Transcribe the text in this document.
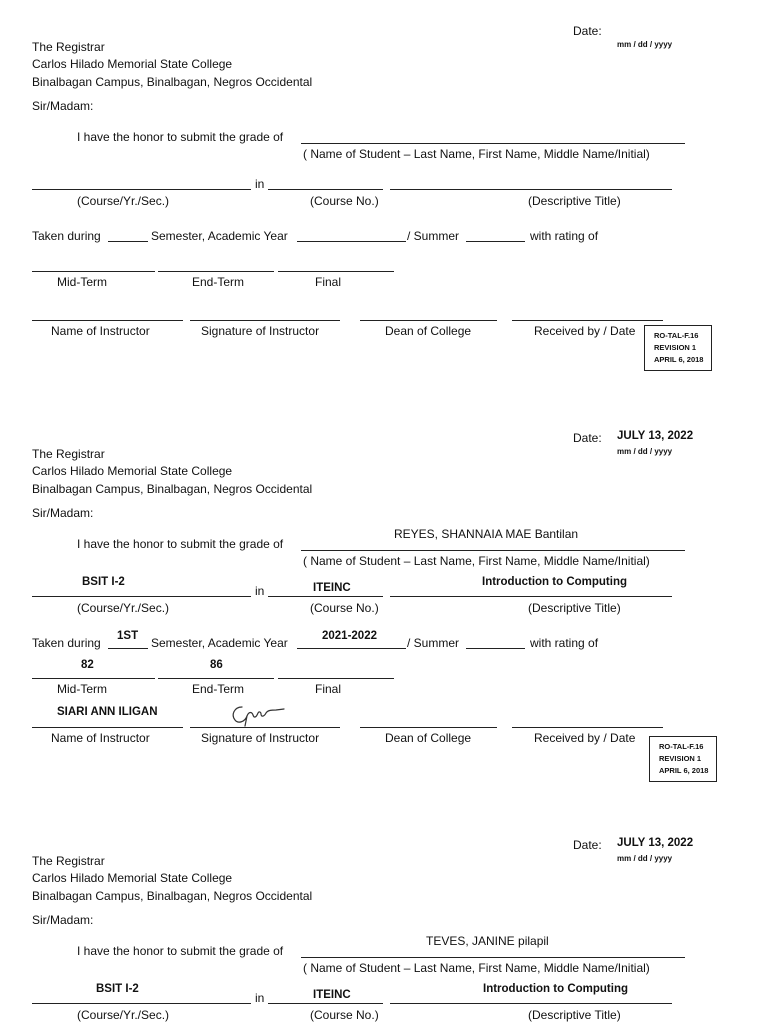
Date:
mm / dd / yyyy
The Registrar
Carlos Hilado Memorial State College
Binalbagan Campus, Binalbagan, Negros Occidental
Sir/Madam:
I have the honor to submit the grade of
( Name of Student – Last Name, First Name, Middle Name/Initial)
in
(Course/Yr./Sec.)	(Course No.)	(Descriptive Title)
Taken during	Semester, Academic Year	/ Summer	with rating of
Mid-Term	End-Term	Final
Name of Instructor	Signature of Instructor	Dean of College	Received by / Date RO-TAL-F.16
REVISION 1
APRIL 6, 2018
Date: JULY 13, 2022
mm / dd / yyyy
The Registrar
Carlos Hilado Memorial State College
Binalbagan Campus, Binalbagan, Negros Occidental
Sir/Madam:
I have the honor to submit the grade of
REYES, SHANNAIA MAE Bantilan
( Name of Student – Last Name, First Name, Middle Name/Initial)
BSIT I-2
in	ITEINC	Introduction to Computing
(Course/Yr./Sec.)	(Course No.)	(Descriptive Title)
Taken during 1ST Semester, Academic Year	2021-2022	/ Summer	with rating of
82	86
Mid-Term	End-Term	Final
SIARI ANN ILIGAN
Name of Instructor	Signature of Instructor	Dean of College	Received by / Date
RO-TAL-F.16
REVISION 1
APRIL 6, 2018
Date: JULY 13, 2022
mm / dd / yyyy
The Registrar
Carlos Hilado Memorial State College
Binalbagan Campus, Binalbagan, Negros Occidental
Sir/Madam:
I have the honor to submit the grade of
TEVES, JANINE pilapil
( Name of Student – Last Name, First Name, Middle Name/Initial)
BSIT I-2
in	ITEINC	Introduction to Computing
(Course/Yr./Sec.)	(Course No.)	(Descriptive Title)
